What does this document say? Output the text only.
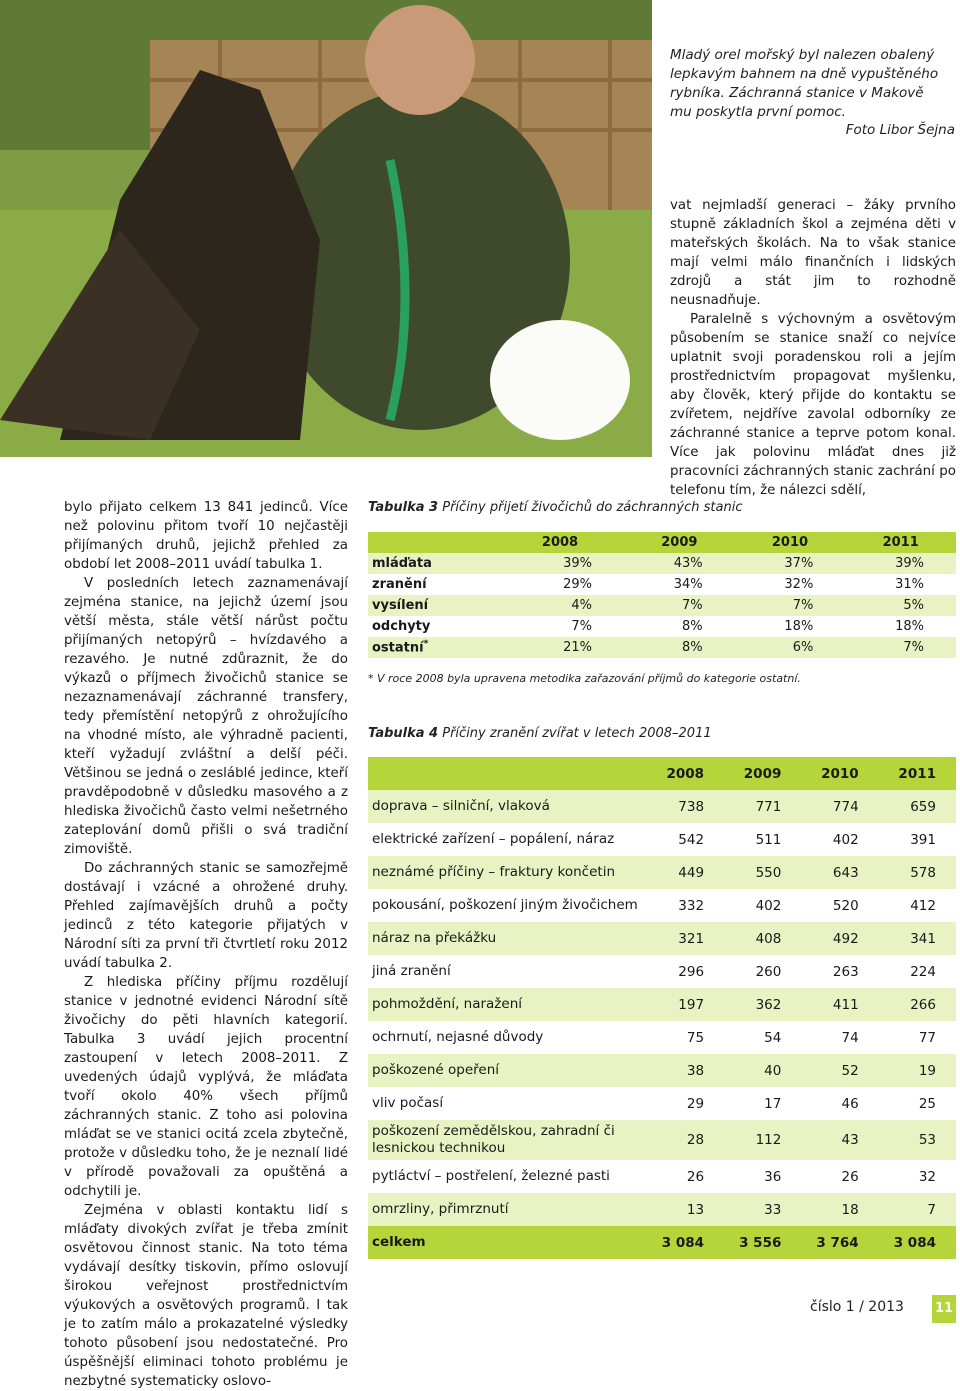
Mladý orel mořský byl nalezen obalený lepkavým bahnem na dně vypuštěného rybníka. Záchranná stanice v Makově mu poskytla první pomoc.
Foto Libor Šejna

vat nejmladší generaci – žáky prvního stupně základních škol a zejména děti v mateřských školách. Na to však stanice mají velmi málo finančních i lidských zdrojů a stát jim to rozhodně neusnadňuje.

Paralelně s výchovným a osvětovým působením se stanice snaží co nejvíce uplatnit svoji poradenskou roli a jejím prostřednictvím propagovat myšlenku, aby člověk, který přijde do kontaktu se zvířetem, nejdříve zavolal odborníky ze záchranné stanice a teprve potom konal. Více jak polovinu mláďat dnes již pracovníci záchranných stanic zachrání po telefonu tím, že nálezci sdělí,

bylo přijato celkem 13 841 jedinců. Více než polovinu přitom tvoří 10 nejčastěji přijímaných druhů, jejichž přehled za období let 2008–2011 uvádí tabulka 1.

V posledních letech zaznamenávají zejména stanice, na jejichž území jsou větší města, stále větší nárůst počtu přijímaných netopýrů – hvízdavého a rezavého. Je nutné zdůraznit, že do výkazů o příjmech živočichů stanice se nezaznamenávají záchranné transfery, tedy přemístění netopýrů z ohrožujícího na vhodné místo, ale výhradně pacienti, kteří vyžadují zvláštní a delší péči. Většinou se jedná o zesláblé jedince, kteří pravděpodobně v důsledku masového a z hlediska živočichů často velmi nešetrného zateplování domů přišli o svá tradiční zimoviště.

Do záchranných stanic se samozřejmě dostávají i vzácné a ohrožené druhy. Přehled zajímavějších druhů a počty jedinců z této kategorie přijatých v Národní síti za první tři čtvrtletí roku 2012 uvádí tabulka 2.

Z hlediska příčiny příjmu rozdělují stanice v jednotné evidenci Národní sítě živočichy do pěti hlavních kategorií. Tabulka 3 uvádí jejich procentní zastoupení v letech 2008–2011. Z uvedených údajů vyplývá, že mláďata tvoří okolo 40% všech příjmů záchranných stanic. Z toho asi polovina mláďat se ve stanici ocitá zcela zbytečně, protože v důsledku toho, že je neznalí lidé v přírodě považovali za opuštěná a odchytili je.

Zejména v oblasti kontaktu lidí s mláďaty divokých zvířat je třeba zmínit osvětovou činnost stanic. Na toto téma vydávají desítky tiskovin, přímo oslovují širokou veřejnost prostřednictvím výukových a osvětových programů. I tak je to zatím málo a prokazatelné výsledky tohoto působení jsou nedostatečné. Pro úspěšnější eliminaci tohoto problému je nezbytné systematicky oslovo-

Tabulka 3 Příčiny přijetí živočichů do záchranných stanic
	2008	2009	2010	2011
mláďata	39%	43%	37%	39%
zranění	29%	34%	32%	31%
vysílení	4%	7%	7%	5%
odchyty	7%	8%	18%	18%
ostatní*	21%	8%	6%	7%
* V roce 2008 byla upravena metodika zařazování příjmů do kategorie ostatní.
Tabulka 4 Příčiny zranění zvířat v letech 2008–2011
	2008	2009	2010	2011
doprava – silniční, vlaková	738	771	774	659
elektrické zařízení – popálení, náraz	542	511	402	391
neznámé příčiny – fraktury končetin	449	550	643	578
pokousání, poškození jiným živočichem	332	402	520	412
náraz na překážku	321	408	492	341
jiná zranění	296	260	263	224
pohmoždění, naražení	197	362	411	266
ochrnutí, nejasné důvody	75	54	74	77
poškozené opeření	38	40	52	19
vliv počasí	29	17	46	25
poškození zemědělskou, zahradní či lesnickou technikou	28	112	43	53
pytláctví – postřelení, železné pasti	26	36	26	32
omrzliny, přimrznutí	13	33	18	7
celkem	3 084	3 556	3 764	3 084
číslo 1 / 2013 11
